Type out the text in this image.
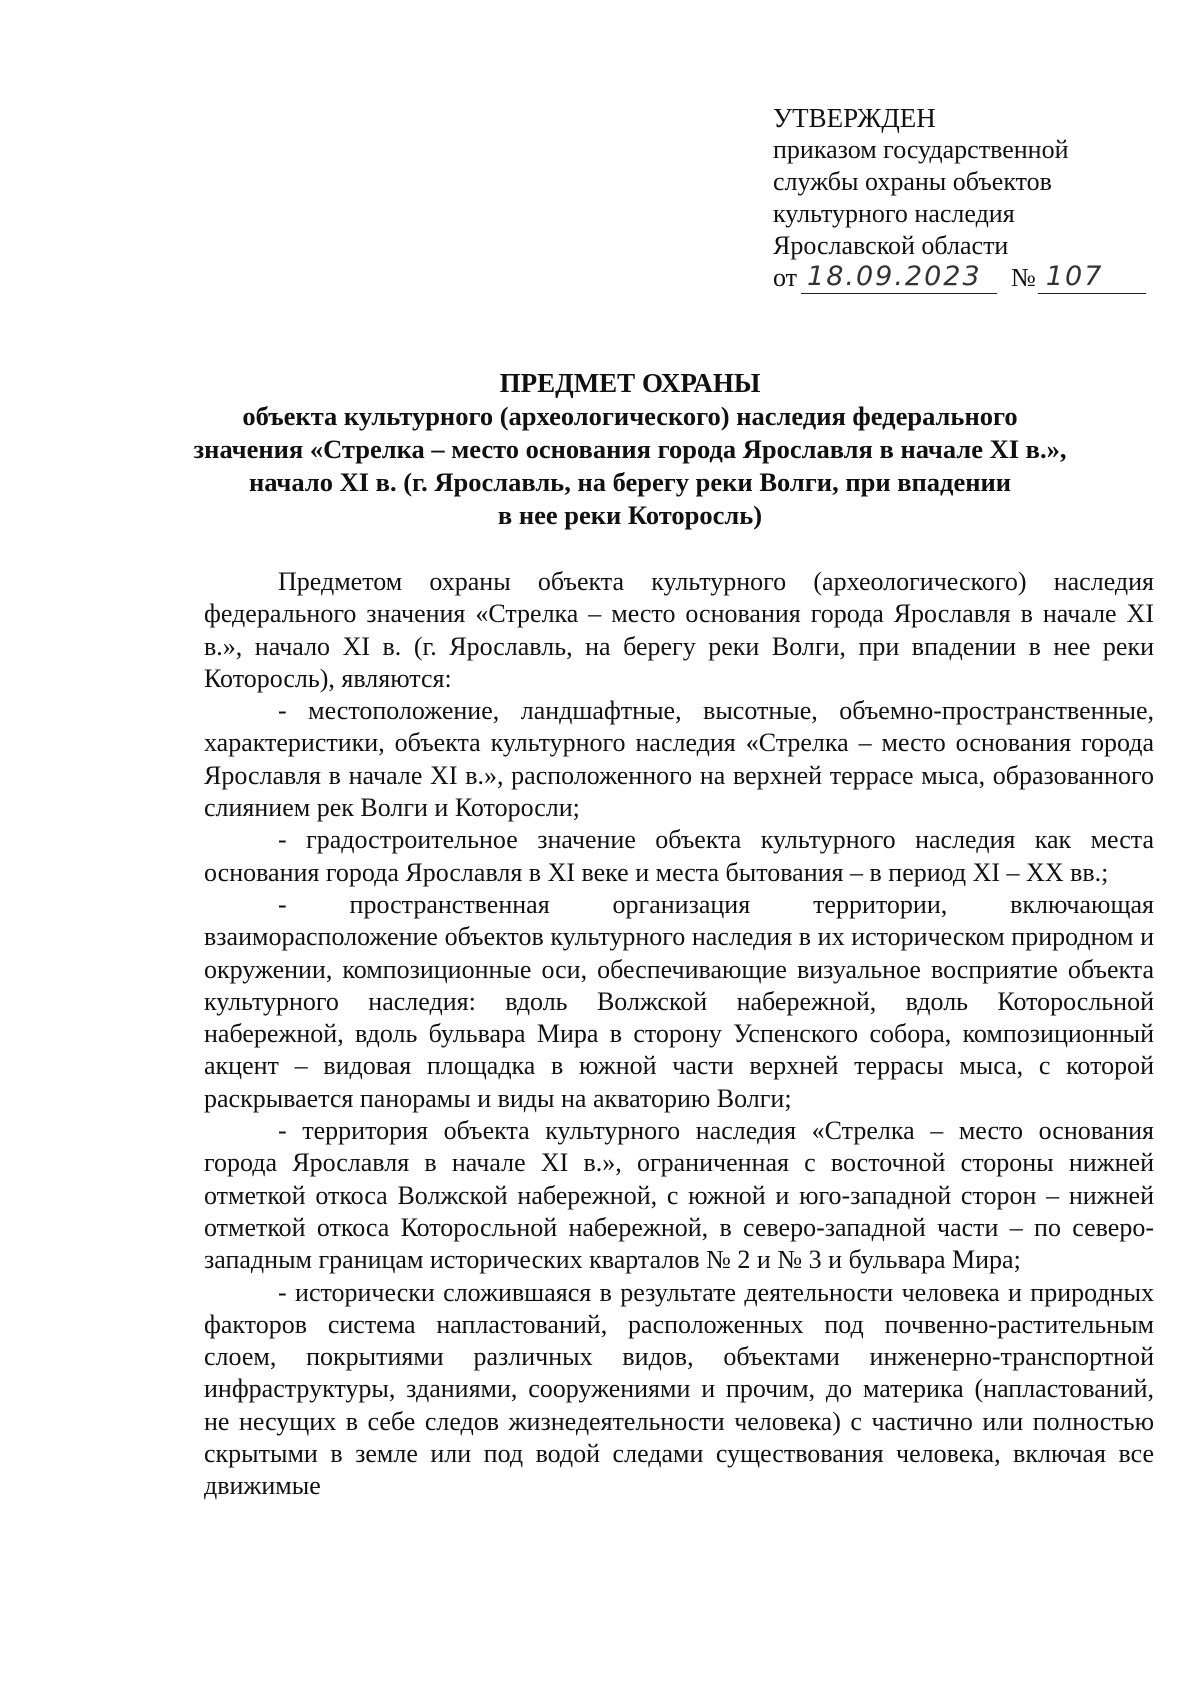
УТВЕРЖДЕН
приказом государственной
службы охраны объектов
культурного наследия
Ярославской области
от 18.09.2023	№ 107
ПРЕДМЕТ ОХРАНЫ
объекта культурного (археологического) наследия федерального
значения «Стрелка – место основания города Ярославля в начале XI в.»,
начало XI в. (г. Ярославль, на берегу реки Волги, при впадении
в нее реки Которосль)

Предметом охраны объекта культурного (археологического) наследия федерального значения «Стрелка – место основания города Ярославля в начале XI в.», начало XI в. (г. Ярославль, на берегу реки Волги, при впадении в нее реки Которосль), являются:

- местоположение, ландшафтные, высотные, объемно-пространственные, характеристики, объекта культурного наследия «Стрелка – место основания города Ярославля в начале XI в.», расположенного на верхней террасе мыса, образованного слиянием рек Волги и Которосли;

- градостроительное значение объекта культурного наследия как места основания города Ярославля в XI веке и места бытования – в период XI – XX вв.;

- пространственная организация территории, включающая взаиморасположение объектов культурного наследия в их историческом природном и окружении, композиционные оси, обеспечивающие визуальное восприятие объекта культурного наследия: вдоль Волжской набережной, вдоль Которосльной набережной, вдоль бульвара Мира в сторону Успенского собора, композиционный акцент – видовая площадка в южной части верхней террасы мыса, с которой раскрывается панорамы и виды на акваторию Волги;

- территория объекта культурного наследия «Стрелка – место основания города Ярославля в начале XI в.», ограниченная с восточной стороны нижней отметкой откоса Волжской набережной, с южной и юго-западной сторон – нижней отметкой откоса Которосльной набережной, в северо-западной части – по северо-западным границам исторических кварталов № 2 и № 3 и бульвара Мира;

- исторически сложившаяся в результате деятельности человека и природных факторов система напластований, расположенных под почвенно-растительным слоем, покрытиями различных видов, объектами инженерно-транспортной инфраструктуры, зданиями, сооружениями и прочим, до материка (напластований, не несущих в себе следов жизнедеятельности человека) с частично или полностью скрытыми в земле или под водой следами существования человека, включая все движимые
